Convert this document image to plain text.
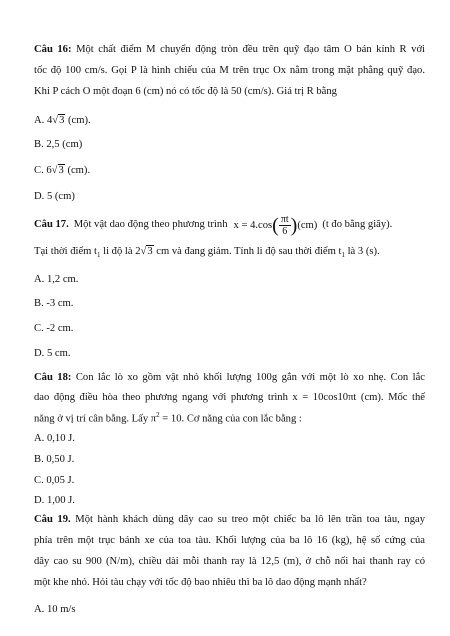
Câu 16: Một chất điểm M chuyển động tròn đều trên quỹ đạo tâm O bán kính R với
tốc độ 100 cm/s. Gọi P là hình chiếu của M trên trục Ox nằm trong mặt phẳng quỹ đạo.
Khi P cách O một đoạn 6 (cm) nó có tốc độ là 50 (cm/s). Giá trị R bằng
A. 4√3 (cm).
B. 2,5 (cm)
C. 6√3 (cm).
D. 5 (cm)
Câu 17. Một vật dao động theo phương trình $x = 4.\cos( \frac{\pi t}{6} )(cm)$ (t đo bằng giây).
Tại thời điểm $t_1$ li độ là 2√3 cm và đang giảm. Tính li độ sau thời điểm $t_1$ là 3 (s).
A. 1,2 cm.
B. -3 cm.
C. -2 cm.
D. 5 cm.
Câu 18: Con lắc lò xo gồm vật nhỏ khối lượng 100g gắn với một lò xo nhẹ. Con lắc
dao động điều hòa theo phương ngang với phương trình x = 10cos10πt (cm). Mốc thế
năng ở vị trí cân bằng. Lấy $\pi^2 = 10$. Cơ năng của con lắc bằng :
A. 0,10 J.
B. 0,50 J.
C. 0,05 J.
D. 1,00 J.
Câu 19. Một hành khách dùng dây cao su treo một chiếc ba lô lên trần toa tàu, ngay
phía trên một trục bánh xe của toa tàu. Khối lượng của ba lô 16 (kg), hệ số cứng của
dây cao su 900 (N/m), chiều dài mỗi thanh ray là 12,5 (m), ở chỗ nối hai thanh ray có
một khe nhỏ. Hỏi tàu chạy với tốc độ bao nhiêu thì ba lô dao động mạnh nhất?
A. 10 m/s
